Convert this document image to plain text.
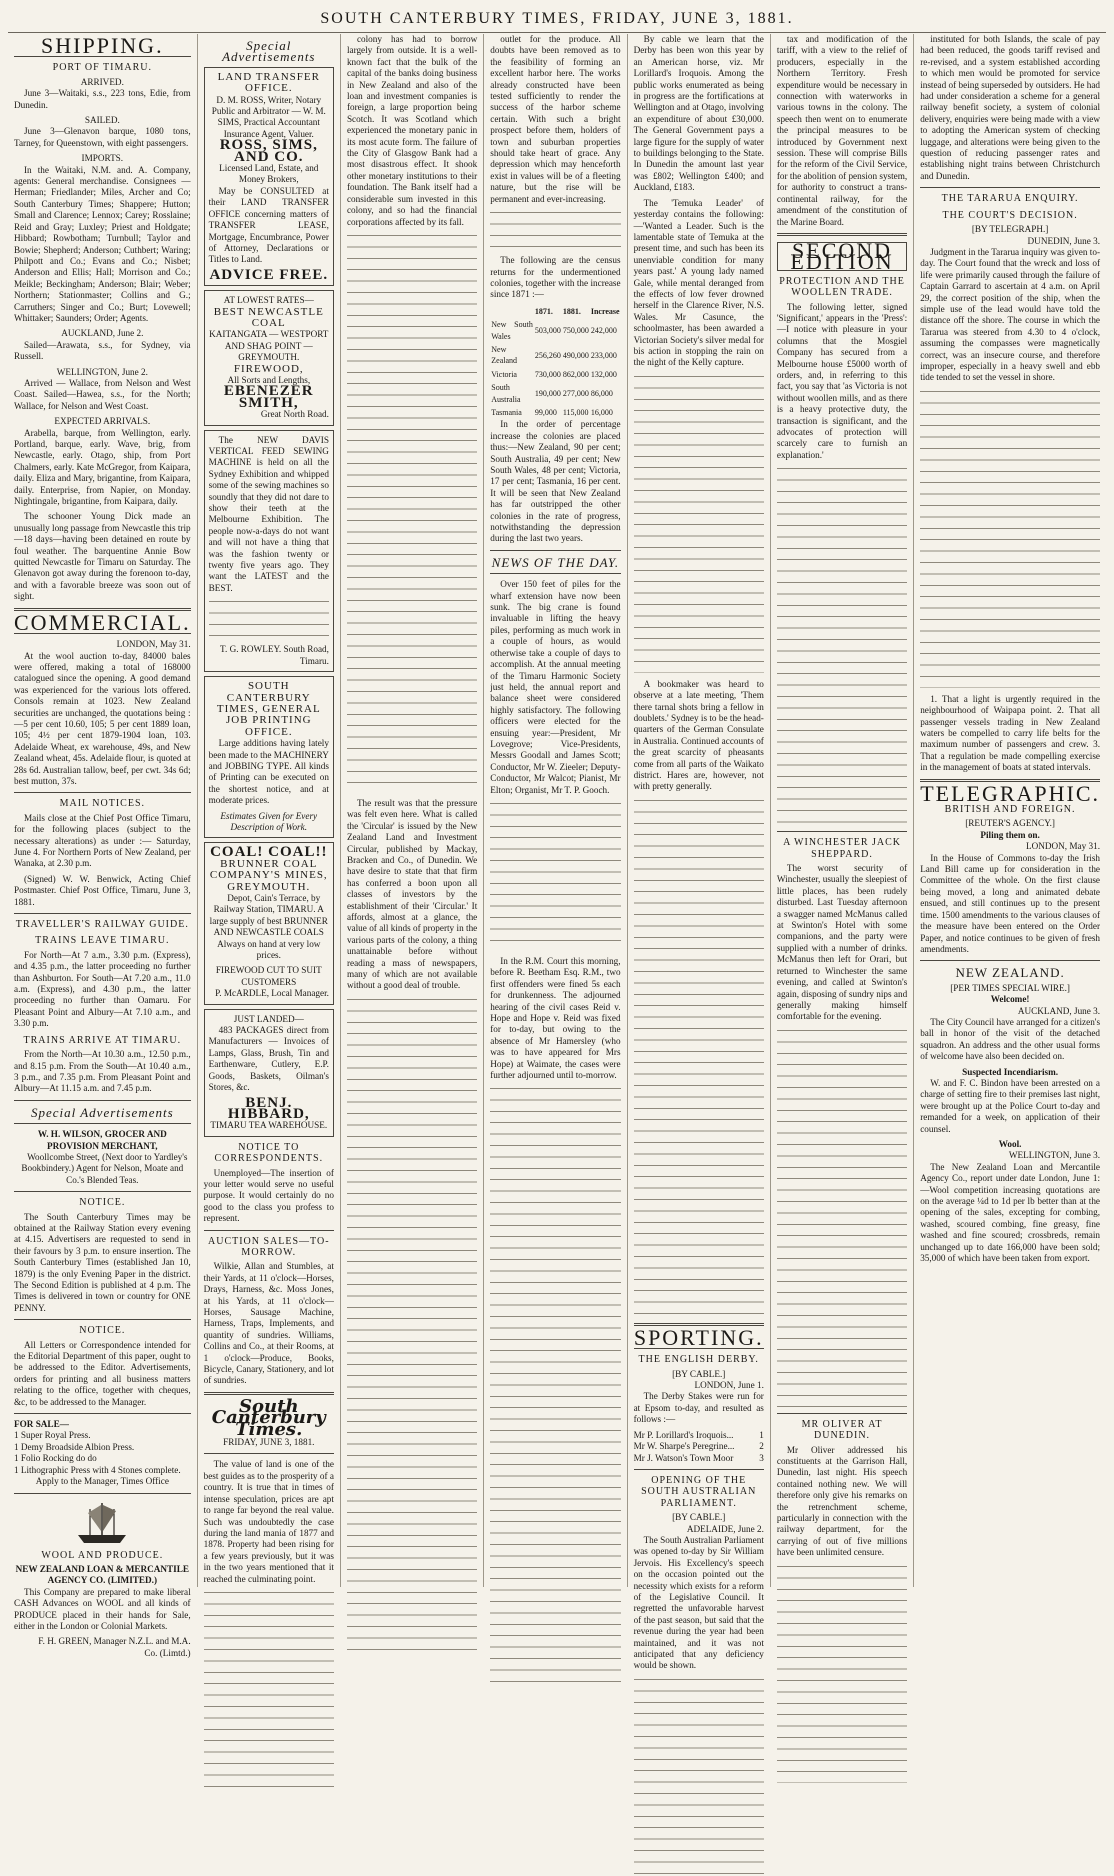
SOUTH CANTERBURY TIMES, FRIDAY, JUNE 3, 1881.
SHIPPING.
PORT OF TIMARU.
ARRIVED.

June 3—Waitaki, s.s., 223 tons, Edie, from Dunedin.

SAILED.

June 3—Glenavon barque, 1080 tons, Tarney, for Queenstown, with eight passengers.

IMPORTS.

In the Waitaki, N.M. and. A. Company, agents: General merchandise. Consignees —Herman; Friedlander; Miles, Archer and Co; South Canterbury Times; Shappere; Hutton; Small and Clarence; Lennox; Carey; Rosslaine; Reid and Gray; Luxley; Priest and Holdgate; Hibbard; Rowbotham; Turnbull; Taylor and Bowie; Shepherd; Anderson; Cuthbert; Waring; Philpott and Co.; Evans and Co.; Nisbet; Anderson and Ellis; Hall; Morrison and Co.; Meikle; Beckingham; Anderson; Blair; Weber; Northern; Stationmaster; Collins and G.; Carruthers; Singer and Co.; Burt; Lovewell; Whittaker; Saunders; Order; Agents.

AUCKLAND, June 2.

Sailed—Arawata, s.s., for Sydney, via Russell.

WELLINGTON, June 2.

Arrived — Wallace, from Nelson and West Coast. Sailed—Hawea, s.s., for the North; Wallace, for Nelson and West Coast.

EXPECTED ARRIVALS.

Arabella, barque, from Wellington, early. Portland, barque, early. Wave, brig, from Newcastle, early. Otago, ship, from Port Chalmers, early. Kate McGregor, from Kaipara, daily. Eliza and Mary, brigantine, from Kaipara, daily. Enterprise, from Napier, on Monday. Nightingale, brigantine, from Kaipara, daily.

The schooner Young Dick made an unusually long passage from Newcastle this trip—18 days—having been detained en route by foul weather. The barquentine Annie Bow quitted Newcastle for Timaru on Saturday. The Glenavon got away during the forenoon to-day, and with a favorable breeze was soon out of sight.

COMMERCIAL.
LONDON, May 31.

At the wool auction to-day, 84000 bales were offered, making a total of 168000 catalogued since the opening. A good demand was experienced for the various lots offered. Consols remain at 1023. New Zealand securities are unchanged, the quotations being :—5 per cent 10.60, 105; 5 per cent 1889 loan, 105; 4½ per cent 1879-1904 loan, 103. Adelaide Wheat, ex warehouse, 49s, and New Zealand wheat, 45s. Adelaide flour, is quoted at 28s 6d. Australian tallow, beef, per cwt. 34s 6d; best mutton, 37s.

MAIL NOTICES.

Mails close at the Chief Post Office Timaru, for the following places (subject to the necessary alterations) as under :— Saturday, June 4. For Northern Ports of New Zealand, per Wanaka, at 2.30 p.m.

(Signed) W. W. Benwick, Acting Chief Postmaster. Chief Post Office, Timaru, June 3, 1881.

TRAVELLER'S RAILWAY GUIDE.
TRAINS LEAVE TIMARU.

For North—At 7 a.m., 3.30 p.m. (Express), and 4.35 p.m., the latter proceeding no further than Ashburton. For South—At 7.20 a.m., 11.0 a.m. (Express), and 4.30 p.m., the latter proceeding no further than Oamaru. For Pleasant Point and Albury—At 7.10 a.m., and 3.30 p.m.

TRAINS ARRIVE AT TIMARU.

From the North—At 10.30 a.m., 12.50 p.m., and 8.15 p.m. From the South—At 10.40 a.m., 3 p.m., and 7.35 p.m. From Pleasant Point and Albury—At 11.15 a.m. and 7.45 p.m.

Special Advertisements
W. H. WILSON, GROCER AND PROVISION MERCHANT,

Woollcombe Street, (Next door to Yardley's Bookbindery.) Agent for Nelson, Moate and Co.'s Blended Teas.

NOTICE.

The South Canterbury Times may be obtained at the Railway Station every evening at 4.15. Advertisers are requested to send in their favours by 3 p.m. to ensure insertion. The South Canterbury Times (established Jan 10, 1879) is the only Evening Paper in the district. The Second Edition is published at 4 p.m. The Times is delivered in town or country for ONE PENNY.

NOTICE.

All Letters or Correspondence intended for the Editorial Department of this paper, ought to be addressed to the Editor. Advertisements, orders for printing and all business matters relating to the office, together with cheques, &c, to be addressed to the Manager.

FOR SALE—
1 Super Royal Press.
1 Demy Broadside Albion Press.
1 Folio Rocking do do
1 Lithographic Press with 4 Stones complete.
Apply to the Manager, Times Office
WOOL AND PRODUCE.
NEW ZEALAND LOAN & MERCANTILE AGENCY CO. (LIMITED.)

This Company are prepared to make liberal CASH Advances on WOOL and all kinds of PRODUCE placed in their hands for Sale, either in the London or Colonial Markets.

F. H. GREEN, Manager N.Z.L. and M.A. Co. (Limtd.)

Special Advertisements
LAND TRANSFER OFFICE.
D. M. ROSS, Writer, Notary Public and Arbitrator — W. M. SIMS, Practical Accountant Insurance Agent, Valuer.
ROSS, SIMS, AND CO.
Licensed Land, Estate, and Money Brokers,

May be CONSULTED at their LAND TRANSFER OFFICE concerning matters of TRANSFER LEASE, Mortgage, Encumbrance, Power of Attorney, Declarations or Titles to Land.

ADVICE FREE.
AT LOWEST RATES—
BEST NEWCASTLE COAL
KAITANGATA — WESTPORT AND SHAG POINT — GREYMOUTH.
FIREWOOD,
All Sorts and Lengths,
EBENEZER SMITH,
Great North Road.

The NEW DAVIS VERTICAL FEED SEWING MACHINE is held on all the Sydney Exhibition and whipped some of the sewing machines so soundly that they did not dare to show their teeth at the Melbourne Exhibition. The people now-a-days do not want and will not have a thing that was the fashion twenty or twenty five years ago. They want the LATEST and the BEST.

T. G. ROWLEY. South Road, Timaru.
SOUTH CANTERBURY TIMES, GENERAL JOB PRINTING OFFICE.

Large additions having lately been made to the MACHINERY and JOBBING TYPE. All kinds of Printing can be executed on the shortest notice, and at moderate prices.

Estimates Given for Every Description of Work.
COAL! COAL!!
BRUNNER COAL COMPANY'S MINES, GREYMOUTH.

Depot, Cain's Terrace, by Railway Station, TIMARU. A large supply of best BRUNNER AND NEWCASTLE COALS Always on hand at very low prices.

FIREWOOD CUT TO SUIT CUSTOMERS
P. McARDLE, Local Manager.
JUST LANDED—

483 PACKAGES direct from Manufacturers — Invoices of Lamps, Glass, Brush, Tin and Earthenware, Cutlery, E.P. Goods, Baskets, Oilman's Stores, &c.

BENJ. HIBBARD,
TIMARU TEA WAREHOUSE.
NOTICE TO CORRESPONDENTS.

Unemployed—The insertion of your letter would serve no useful purpose. It would certainly do no good to the class you profess to represent.

AUCTION SALES—TO-MORROW.

Wilkie, Allan and Stumbles, at their Yards, at 11 o'clock—Horses, Drays, Harness, &c. Moss Jones, at his Yards, at 11 o'clock—Horses, Sausage Machine, Harness, Traps, Implements, and quantity of sundries. Williams, Collins and Co., at their Rooms, at 1 o'clock—Produce, Books, Bicycle, Canary, Stationery, and lot of sundries.

South Canterbury Times.
FRIDAY, JUNE 3, 1881.

The value of land is one of the best guides as to the prosperity of a country. It is true that in times of intense speculation, prices are apt to range far beyond the real value. Such was undoubtedly the case during the land mania of 1877 and 1878. Property had been rising for a few years previously, but it was in the two years mentioned that it reached the culminating point.

colony has had to borrow largely from outside. It is a well-known fact that the bulk of the capital of the banks doing business in New Zealand and also of the loan and investment companies is foreign, a large proportion being Scotch. It was Scotland which experienced the monetary panic in its most acute form. The failure of the City of Glasgow Bank had a most disastrous effect. It shook other monetary institutions to their foundation. The Bank itself had a considerable sum invested in this colony, and so had the financial corporations affected by its fall.

The result was that the pressure was felt even here. What is called the 'Circular' is issued by the New Zealand Land and Investment Circular, published by Mackay, Bracken and Co., of Dunedin. We have desire to state that that firm has conferred a boon upon all classes of investors by the establishment of their 'Circular.' It affords, almost at a glance, the value of all kinds of property in the various parts of the colony, a thing unattainable before without reading a mass of newspapers, many of which are not available without a good deal of trouble.

outlet for the produce. All doubts have been removed as to the feasibility of forming an excellent harbor here. The works already constructed have been tested sufficiently to render the success of the harbor scheme certain. With such a bright prospect before them, holders of town and suburban properties should take heart of grace. Any depression which may henceforth exist in values will be of a fleeting nature, but the rise will be permanent and ever-increasing.

The following are the census returns for the undermentioned colonies, together with the increase since 1871 :—

	1871.	1881.	Increase
New South Wales	503,000	750,000	242,000
New Zealand	256,260	490,000	233,000
Victoria	730,000	862,000	132,000
South Australia	190,000	277,000	86,000
Tasmania	99,000	115,000	16,000

In the order of percentage increase the colonies are placed thus:—New Zealand, 90 per cent; South Australia, 49 per cent; New South Wales, 48 per cent; Victoria, 17 per cent; Tasmania, 16 per cent. It will be seen that New Zealand has far outstripped the other colonies in the rate of progress, notwithstanding the depression during the last two years.

NEWS OF THE DAY.

Over 150 feet of piles for the wharf extension have now been sunk. The big crane is found invaluable in lifting the heavy piles, performing as much work in a couple of hours, as would otherwise take a couple of days to accomplish. At the annual meeting of the Timaru Harmonic Society just held, the annual report and balance sheet were considered highly satisfactory. The following officers were elected for the ensuing year:—President, Mr Lovegrove; Vice-Presidents, Messrs Goodall and James Scott; Conductor, Mr W. Zieeler; Deputy-Conductor, Mr Walcot; Pianist, Mr Elton; Organist, Mr T. P. Gooch.

In the R.M. Court this morning, before R. Beetham Esq. R.M., two first offenders were fined 5s each for drunkenness. The adjourned hearing of the civil cases Reid v. Hope and Hope v. Reid was fixed for to-day, but owing to the absence of Mr Hamersley (who was to have appeared for Mrs Hope) at Waimate, the cases were further adjourned until to-morrow.

By cable we learn that the Derby has been won this year by an American horse, viz. Mr Lorillard's Iroquois. Among the public works enumerated as being in progress are the fortifications at Wellington and at Otago, involving an expenditure of about £30,000. The General Government pays a large figure for the supply of water to buildings belonging to the State. In Dunedin the amount last year was £802; Wellington £400; and Auckland, £183.

The 'Temuka Leader' of yesterday contains the following:—'Wanted a Leader. Such is the lamentable state of Temuka at the present time, and such has been its unenviable condition for many years past.' A young lady named Gale, while mental deranged from the effects of low fever drowned herself in the Clarence River, N.S. Wales. Mr Casunce, the schoolmaster, has been awarded a Victorian Society's silver medal for bis action in stopping the rain on the night of the Kelly capture.

A bookmaker was heard to observe at a late meeting, 'Them there tarnal shots bring a fellow in doublets.' Sydney is to be the head-quarters of the German Consulate in Australia. Continued accounts of the great scarcity of pheasants come from all parts of the Waikato district. Hares are, however, not with pretty generally.

SPORTING.
THE ENGLISH DERBY.
[BY CABLE.]
LONDON, June 1.

The Derby Stakes were run for at Epsom to-day, and resulted as follows :—

Mr P. Lorillard's Iroquois...	1
Mr W. Sharpe's Peregrine...	2
Mr J. Watson's Town Moor	3
OPENING OF THE SOUTH AUSTRALIAN PARLIAMENT.
[BY CABLE.]
ADELAIDE, June 2.

The South Australian Parliament was opened to-day by Sir William Jervois. His Excellency's speech on the occasion pointed out the necessity which exists for a reform of the Legislative Council. It regretted the unfavorable harvest of the past season, but said that the revenue during the year had been maintained, and it was not anticipated that any deficiency would be shown.

tax and modification of the tariff, with a view to the relief of producers, especially in the Northern Territory. Fresh expenditure would be necessary in connection with waterworks in various towns in the colony. The speech then went on to enumerate the principal measures to be introduced by Government next session. These will comprise Bills for the reform of the Civil Service, for the abolition of pension system, for authority to construct a trans-continental railway, for the amendment of the constitution of the Marine Board.

SECOND EDITION
PROTECTION AND THE WOOLLEN TRADE.

The following letter, signed 'Significant,' appears in the 'Press':—I notice with pleasure in your columns that the Mosgiel Company has secured from a Melbourne house £5000 worth of orders, and, in referring to this fact, you say that 'as Victoria is not without woollen mills, and as there is a heavy protective duty, the transaction is significant, and the advocates of protection will scarcely care to furnish an explanation.'

A WINCHESTER JACK SHEPPARD.

The worst security of Winchester, usually the sleepiest of little places, has been rudely disturbed. Last Tuesday afternoon a swagger named McManus called at Swinton's Hotel with some companions, and the party were supplied with a number of drinks. McManus then left for Orari, but returned to Winchester the same evening, and called at Swinton's again, disposing of sundry nips and generally making himself comfortable for the evening.

MR OLIVER AT DUNEDIN.

Mr Oliver addressed his constituents at the Garrison Hall, Dunedin, last night. His speech contained nothing new. We will therefore only give his remarks on the retrenchment scheme, particularly in connection with the railway department, for the carrying of out of five millions have been unlimited censure.

instituted for both Islands, the scale of pay had been reduced, the goods tariff revised and re-revised, and a system established according to which men would be promoted for service instead of being superseded by outsiders. He had had under consideration a scheme for a general railway benefit society, a system of colonial delivery, enquiries were being made with a view to adopting the American system of checking luggage, and alterations were being given to the question of reducing passenger rates and establishing night trains between Christchurch and Dunedin.

THE TARARUA ENQUIRY.
THE COURT'S DECISION.
[BY TELEGRAPH.]
DUNEDIN, June 3.

Judgment in the Tararua inquiry was given to-day. The Court found that the wreck and loss of life were primarily caused through the failure of Captain Garrard to ascertain at 4 a.m. on April 29, the correct position of the ship, when the simple use of the lead would have told the distance off the shore. The course in which the Tararua was steered from 4.30 to 4 o'clock, assuming the compasses were magnetically correct, was an insecure course, and therefore improper, especially in a heavy swell and ebb tide tended to set the vessel in shore.

1. That a light is urgently required in the neighbourhood of Waipapa point. 2. That all passenger vessels trading in New Zealand waters be compelled to carry life belts for the maximum number of passengers and crew. 3. That a regulation be made compelling exercise in the management of boats at stated intervals.

TELEGRAPHIC.
BRITISH AND FOREIGN.
[REUTER'S AGENCY.]
Piling them on.
LONDON, May 31.

In the House of Commons to-day the Irish Land Bill came up for consideration in the Committee of the whole. On the first clause being moved, a long and animated debate ensued, and still continues up to the present time. 1500 amendments to the various clauses of the measure have been entered on the Order Paper, and notice continues to be given of fresh amendments.

NEW ZEALAND.
[PER TIMES SPECIAL WIRE.]
Welcome!
AUCKLAND, June 3.

The City Council have arranged for a citizen's ball in honor of the visit of the detached squadron. An address and the other usual forms of welcome have also been decided on.

Suspected Incendiarism.

W. and F. C. Bindon have been arrested on a charge of setting fire to their premises last night, were brought up at the Police Court to-day and remanded for a week, on application of their counsel.

Wool.
WELLINGTON, June 3.

The New Zealand Loan and Mercantile Agency Co., report under date London, June 1:—Wool competition increasing quotations are on the average ¼d to 1d per lb better than at the opening of the sales, excepting for combing, washed, scoured combing, fine greasy, fine washed and fine scoured; crossbreds, remain unchanged up to date 166,000 have been sold; 35,000 of which have been taken from export.
